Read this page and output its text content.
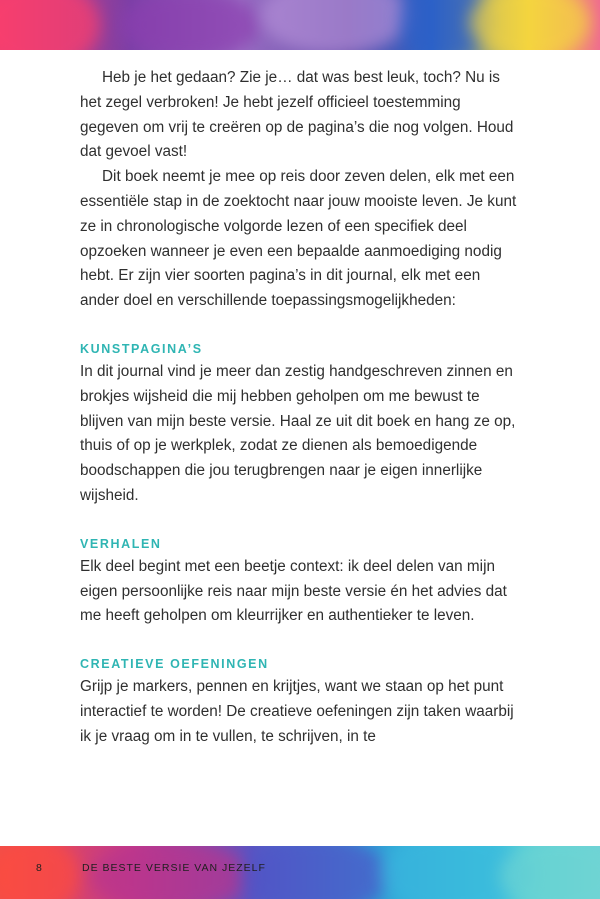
Heb je het gedaan? Zie je… dat was best leuk, toch? Nu is het zegel verbroken! Je hebt jezelf officieel toestemming gegeven om vrij te creëren op de pagina’s die nog volgen. Houd dat gevoel vast!

Dit boek neemt je mee op reis door zeven delen, elk met een essentiële stap in de zoektocht naar jouw mooiste leven. Je kunt ze in chronologische volgorde lezen of een specifiek deel opzoeken wanneer je even een bepaalde aanmoediging nodig hebt. Er zijn vier soorten pagina’s in dit journal, elk met een ander doel en verschillende toepassingsmogelijkheden:

KUNSTPAGINA’S

In dit journal vind je meer dan zestig handgeschreven zinnen en brokjes wijsheid die mij hebben geholpen om me bewust te blijven van mijn beste versie. Haal ze uit dit boek en hang ze op, thuis of op je werkplek, zodat ze dienen als bemoedigende boodschappen die jou terugbrengen naar je eigen innerlijke wijsheid.

VERHALEN

Elk deel begint met een beetje context: ik deel delen van mijn eigen persoonlijke reis naar mijn beste versie én het advies dat me heeft geholpen om kleurrijker en authentieker te leven.

CREATIEVE OEFENINGEN

Grijp je markers, pennen en krijtjes, want we staan op het punt interactief te worden! De creatieve oefeningen zijn taken waarbij ik je vraag om in te vullen, te schrijven, in te

8	DE BESTE VERSIE VAN JEZELF
